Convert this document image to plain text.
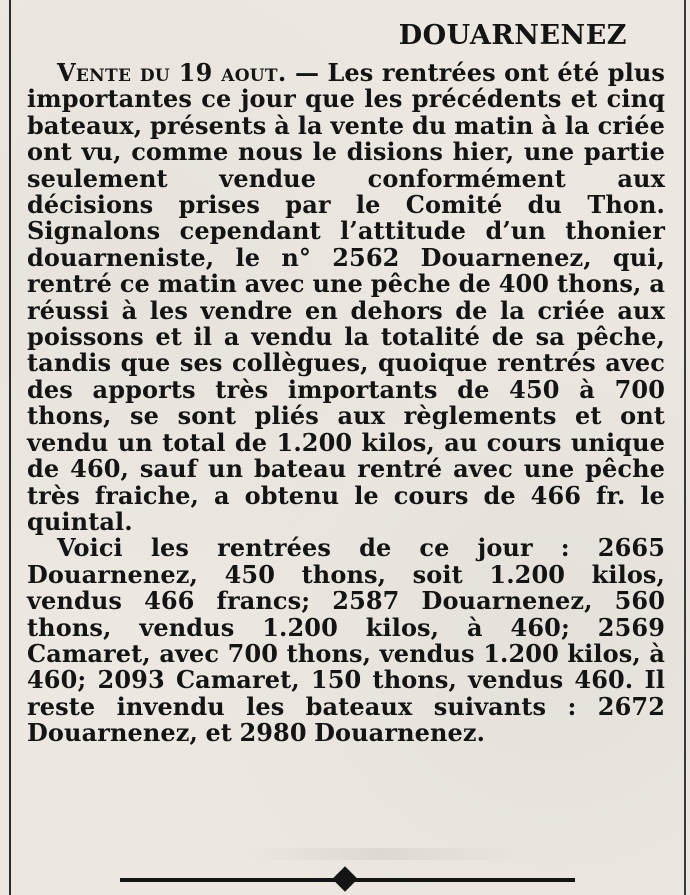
DOUARNENEZ

Vente du 19 aout. — Les rentrées ont été plus importantes ce jour que les précédents et cinq bateaux, présents à la vente du matin à la criée ont vu, comme nous le disions hier, une partie seulement vendue conformément aux décisions prises par le Comité du Thon. Signalons cependant l’attitude d’un thonier douarneniste, le n° 2562 Douarnenez, qui, rentré ce matin avec une pêche de 400 thons, a réussi à les vendre en dehors de la criée aux poissons et il a vendu la totalité de sa pêche, tandis que ses collègues, quoique rentrés avec des apports très importants de 450 à 700 thons, se sont pliés aux règlements et ont vendu un total de 1.200 kilos, au cours unique de 460, sauf un bateau rentré avec une pêche très fraiche, a obtenu le cours de 466 fr. le quintal.

Voici les rentrées de ce jour : 2665 Douarnenez, 450 thons, soit 1.200 kilos, vendus 466 francs; 2587 Douarnenez, 560 thons, vendus 1.200 kilos, à 460; 2569 Camaret, avec 700 thons, vendus 1.200 kilos, à 460; 2093 Camaret, 150 thons, vendus 460. Il reste invendu les bateaux suivants : 2672 Douarnenez, et 2980 Douarnenez.
